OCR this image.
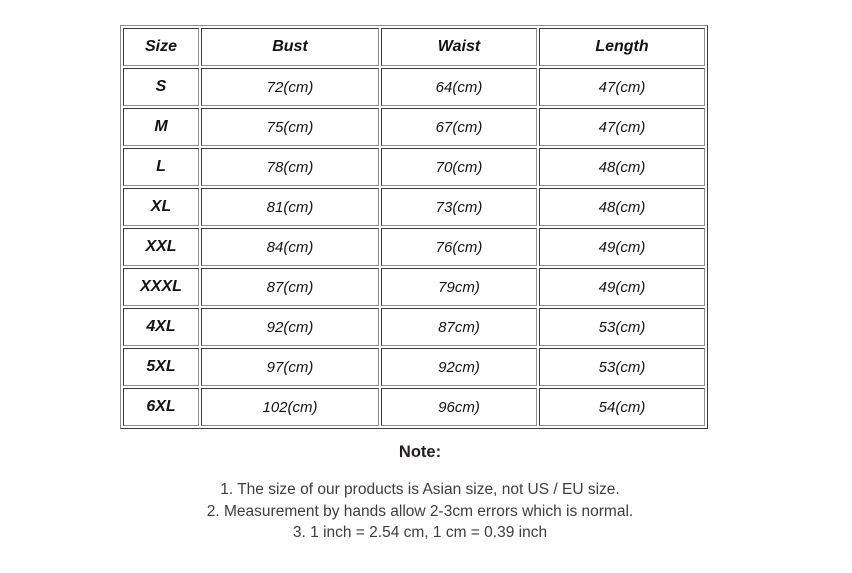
Size	Bust	Waist	Length
S	72(cm)	64(cm)	47(cm)
M	75(cm)	67(cm)	47(cm)
L	78(cm)	70(cm)	48(cm)
XL	81(cm)	73(cm)	48(cm)
XXL	84(cm)	76(cm)	49(cm)
XXXL	87(cm)	79cm)	49(cm)
4XL	92(cm)	87cm)	53(cm)
5XL	97(cm)	92cm)	53(cm)
6XL	102(cm)	96cm)	54(cm)

Note:

1. The size of our products is Asian size, not US / EU size.

2. Measurement by hands allow 2-3cm errors which is normal.

3. 1 inch = 2.54 cm, 1 cm = 0.39 inch
